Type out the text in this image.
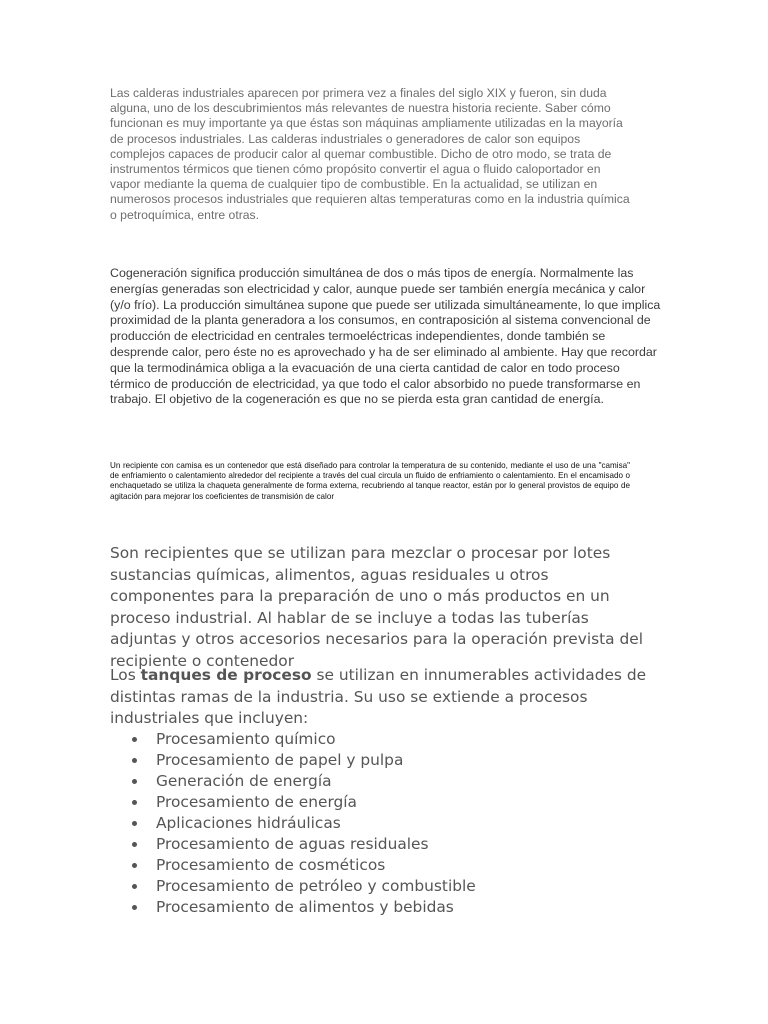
Las calderas industriales aparecen por primera vez a finales del siglo XIX y fueron, sin duda alguna, uno de los descubrimientos más relevantes de nuestra historia reciente. Saber cómo funcionan es muy importante ya que éstas son máquinas ampliamente utilizadas en la mayoría de procesos industriales. Las calderas industriales o generadores de calor son equipos complejos capaces de producir calor al quemar combustible. Dicho de otro modo, se trata de instrumentos térmicos que tienen cómo propósito convertir el agua o fluido caloportador en vapor mediante la quema de cualquier tipo de combustible. En la actualidad, se utilizan en numerosos procesos industriales que requieren altas temperaturas como en la industria química o petroquímica, entre otras.

Cogeneración significa producción simultánea de dos o más tipos de energía. Normalmente las energías generadas son electricidad y calor, aunque puede ser también energía mecánica y calor (y/o frío). La producción simultánea supone que puede ser utilizada simultáneamente, lo que implica proximidad de la planta generadora a los consumos, en contraposición al sistema convencional de producción de electricidad en centrales termoeléctricas independientes, donde también se desprende calor, pero éste no es aprovechado y ha de ser eliminado al ambiente. Hay que recordar que la termodinámica obliga a la evacuación de una cierta cantidad de calor en todo proceso térmico de producción de electricidad, ya que todo el calor absorbido no puede transformarse en trabajo. El objetivo de la cogeneración es que no se pierda esta gran cantidad de energía.

Un recipiente con camisa es un contenedor que está diseñado para controlar la temperatura de su contenido, mediante el uso de una "camisa" de enfriamiento o calentamiento alrededor del recipiente a través del cual circula un fluido de enfriamiento o calentamiento. En el encamisado o enchaquetado se utiliza la chaqueta generalmente de forma externa, recubriendo al tanque reactor, están por lo general provistos de equipo de agitación para mejorar los coeficientes de transmisión de calor

Son recipientes que se utilizan para mezclar o procesar por lotes sustancias químicas, alimentos, aguas residuales u otros componentes para la preparación de uno o más productos en un proceso industrial. Al hablar de se incluye a todas las tuberías adjuntas y otros accesorios necesarios para la operación prevista del recipiente o contenedor

Los tanques de proceso se utilizan en innumerables actividades de distintas ramas de la industria. Su uso se extiende a procesos industriales que incluyen:

Procesamiento químico
Procesamiento de papel y pulpa
Generación de energía
Procesamiento de energía
Aplicaciones hidráulicas
Procesamiento de aguas residuales
Procesamiento de cosméticos
Procesamiento de petróleo y combustible
Procesamiento de alimentos y bebidas
